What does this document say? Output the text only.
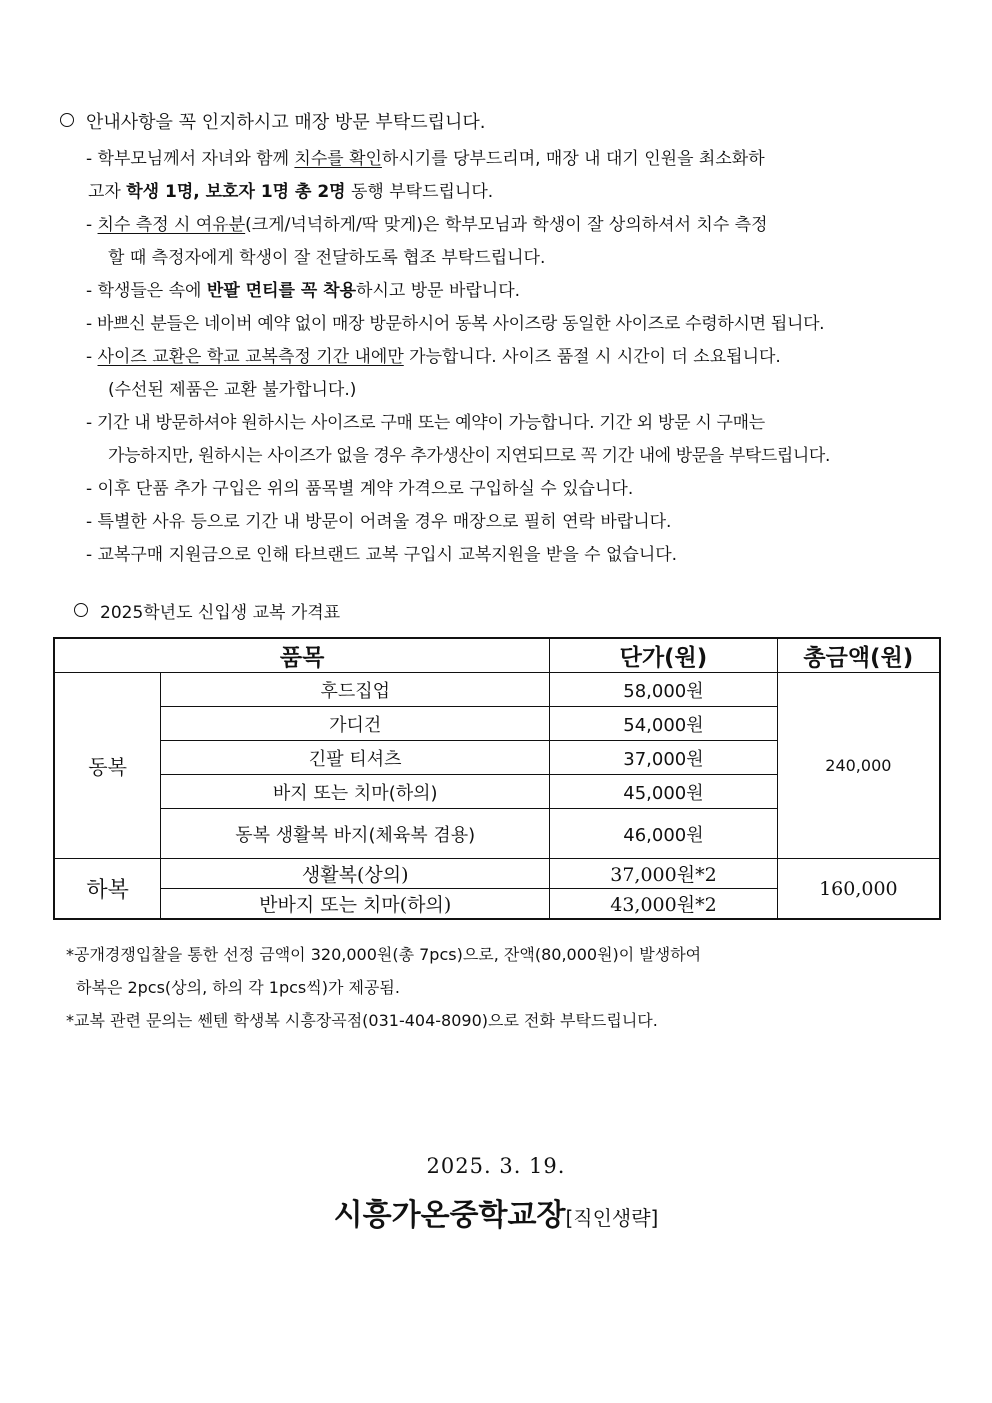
안내사항을 꼭 인지하시고 매장 방문 부탁드립니다.
- 학부모님께서 자녀와 함께 치수를 확인하시기를 당부드리며, 매장 내 대기 인원을 최소화하
고자 학생 1명, 보호자 1명 총 2명 동행 부탁드립니다.
- 치수 측정 시 여유분(크게/넉넉하게/딱 맞게)은 학부모님과 학생이 잘 상의하셔서 치수 측정
할 때 측정자에게 학생이 잘 전달하도록 협조 부탁드립니다.
- 학생들은 속에 반팔 면티를 꼭 착용하시고 방문 바랍니다.
- 바쁘신 분들은 네이버 예약 없이 매장 방문하시어 동복 사이즈랑 동일한 사이즈로 수령하시면 됩니다.
- 사이즈 교환은 학교 교복측정 기간 내에만 가능합니다. 사이즈 품절 시 시간이 더 소요됩니다.
(수선된 제품은 교환 불가합니다.)
- 기간 내 방문하셔야 원하시는 사이즈로 구매 또는 예약이 가능합니다. 기간 외 방문 시 구매는
가능하지만, 원하시는 사이즈가 없을 경우 추가생산이 지연되므로 꼭 기간 내에 방문을 부탁드립니다.
- 이후 단품 추가 구입은 위의 품목별 계약 가격으로 구입하실 수 있습니다.
- 특별한 사유 등으로 기간 내 방문이 어려울 경우 매장으로 필히 연락 바랍니다.
- 교복구매 지원금으로 인해 타브랜드 교복 구입시 교복지원을 받을 수 없습니다.
2025학년도 신입생 교복 가격표
품목		단가(원)	총금액(원)
동복	후드집업	58,000원	240,000
	가디건	54,000원	
	긴팔 티셔츠	37,000원	
	바지 또는 치마(하의)	45,000원	
	동복 생활복 바지(체육복 겸용)	46,000원	
하복	생활복(상의)	37,000원*2	160,000
	반바지 또는 치마(하의)	43,000원*2	
*공개경쟁입찰을 통한 선정 금액이 320,000원(총 7pcs)으로, 잔액(80,000원)이 발생하여
하복은 2pcs(상의, 하의 각 1pcs씩)가 제공됨.
*교복 관련 문의는 쎈텐 학생복 시흥장곡점(031-404-8090)으로 전화 부탁드립니다.
2025. 3. 19.
시흥가온중학교장[직인생략]
